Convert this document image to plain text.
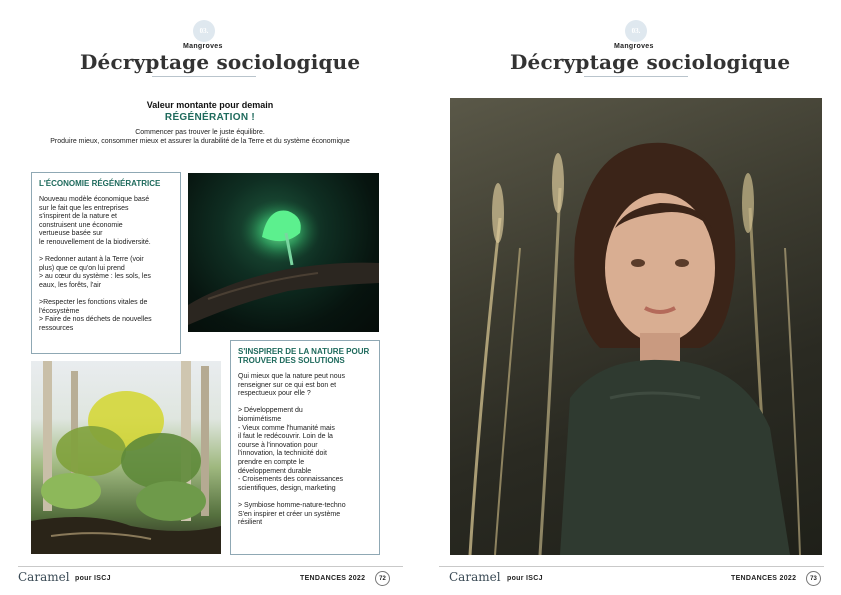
03.
Mangroves
Décryptage sociologique
Valeur montante pour demain
RÉGÉNÉRATION !
Commencer pas trouver le juste équilibre.
Produire mieux, consommer mieux et assurer la durabilité de la Terre et du système économique
L'ÉCONOMIE RÉGÉNÉRATRICE
Nouveau modèle économique basé
sur le fait que les entreprises
s'inspirent de la nature et
construisent une économie
vertueuse basée sur
le renouvellement de la biodiversité.

> Redonner autant à la Terre (voir
plus) que ce qu'on lui prend
> au cœur du système : les sols, les
eaux, les forêts, l'air

>Respecter les fonctions vitales de
l'écosystème
> Faire de nos déchets de nouvelles
ressources
S'INSPIRER DE LA NATURE POUR
TROUVER DES SOLUTIONS
Qui mieux que la nature peut nous
renseigner sur ce qui est bon et
respectueux pour elle ?

> Développement du
biomimétisme
- Vieux comme l'humanité mais
il faut le redécouvrir. Loin de la
course à l'innovation pour
l'innovation, la technicité doit
prendre en compte le
développement durable
- Croisements des connaissances
scientifiques, design, marketing

> Symbiose homme-nature-techno
S'en inspirer et créer un système
résilient
Caramel pour ISCJ	TENDANCES 2022	72
03.
Mangroves
Décryptage sociologique
Caramel pour ISCJ	TENDANCES 2022	73
